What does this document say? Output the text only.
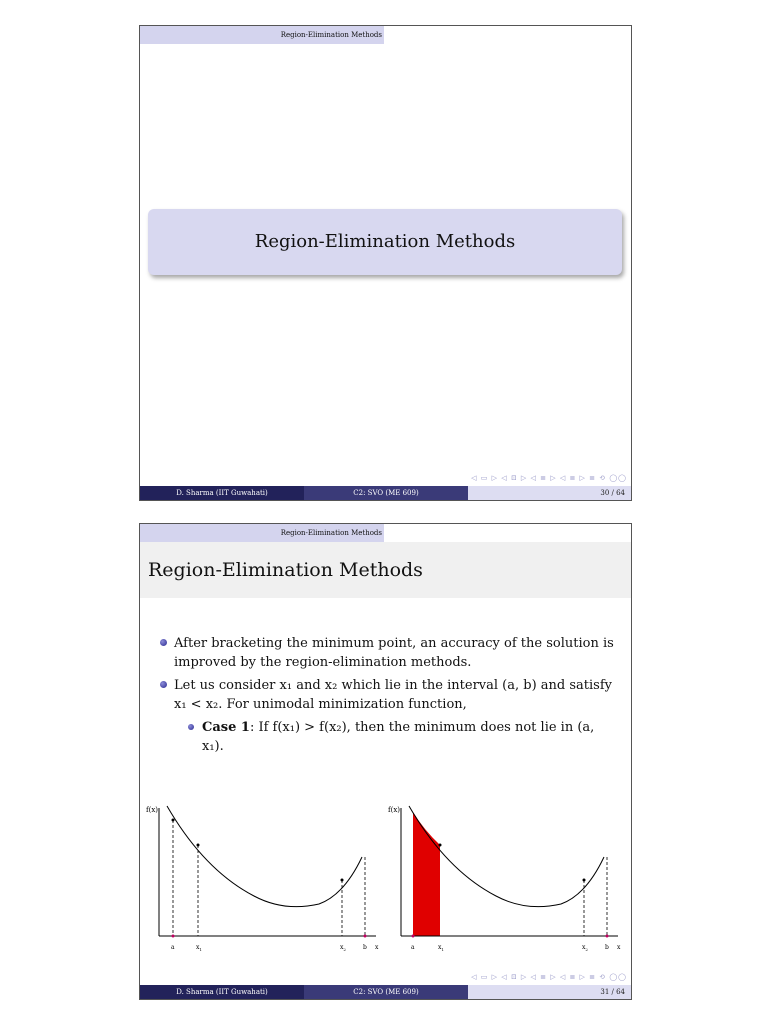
Region-Elimination Methods
Region-Elimination Methods
◁ ▭ ▷ ◁ ⊡ ▷ ◁ ≣ ▷ ◁ ≣ ▷ ≣ ⟲ ◯◯
D. Sharma (IIT Guwahati)	C2: SVO (ME 609)	30 / 64
Region-Elimination Methods
Region-Elimination Methods
After bracketing the minimum point, an accuracy of the solution is improved by the region-elimination methods.
Let us consider x₁ and x₂ which lie in the interval (a, b) and satisfy x₁ < x₂. For unimodal minimization function,
Case 1: If f(x₁) > f(x₂), then the minimum does not lie in (a, x₁).
f(x)
a	$x_1$	$x_2$	b x
f(x)
a	$x_1$	$x_2$	b x
◁ ▭ ▷ ◁ ⊡ ▷ ◁ ≣ ▷ ◁ ≣ ▷ ≣ ⟲ ◯◯
D. Sharma (IIT Guwahati)	C2: SVO (ME 609)	31 / 64
